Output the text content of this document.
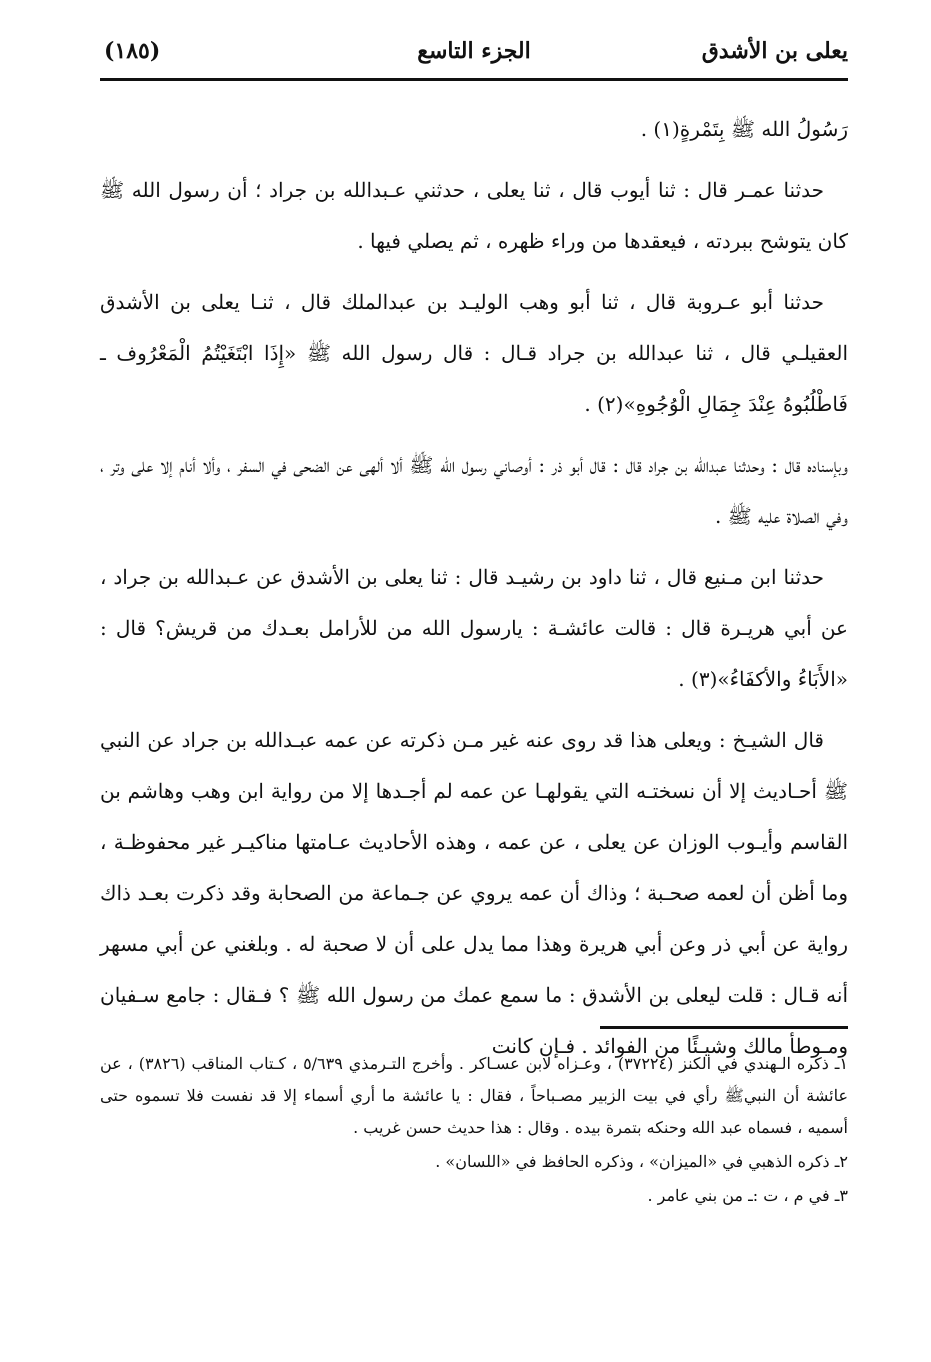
يعلى بن الأشدق
الجزء التاسع
(١٨٥)

رَسُولُ الله ﷺ بِتَمْرةٍ(١) .

حدثنا عمـر قال : ثنا أيوب قال ، ثنا يعلى ، حدثني عـبدالله بن جراد ؛ أن رسول الله ﷺ كان يتوشح ببردته ، فيعقدها من وراء ظهره ، ثم يصلي فيها .

حدثنا أبو عـروبة قال ، ثنا أبو وهب الوليـد بن عبدالملك قال ، ثنـا يعلى بن الأشدق العقيلـي قال ، ثنا عبدالله بن جراد قـال : قال رسول الله ﷺ «إِذَا ابْتَغَيْتُمُ الْمَعْرُوف ـ فَاطْلُبُوهُ عِنْدَ جِمَالِ الْوُجُوهِ»(٢) .

وبإسناده قال : وحدثنا عبدالله بن جراد قال : قال أبو ذر : أوصاني رسول الله ﷺ ألا ألهى عن الضحى في السفر ، وألا أنام إلا على وتر ، وفي الصلاة عليه ﷺ .

حدثنا ابن مـنيع قال ، ثنا داود بن رشيـد قال : ثنا يعلى بن الأشدق عن عـبدالله بن جراد ، عن أبي هريـرة قال : قالت عائشـة : يارسول الله من للأرامل بعـدك من قريش؟ قال : «الأَبَاءُ والأكفَاءُ»(٣) .

قال الشيـخ : ويعلى هذا قد روى عنه غير مـن ذكرته عن عمه عبـدالله بن جراد عن النبي ﷺ أحـاديث إلا أن نسختـه التي يقولهـا عن عمه لم أجـدها إلا من رواية ابن وهب وهاشم بن القاسم وأيـوب الوزان عن يعلى ، عن عمه ، وهذه الأحاديث عـامتها مناكيـر غير محفوظـة ، وما أظن أن لعمه صحـبة ؛ وذاك أن عمه يروي عن جـماعة من الصحابة وقد ذكرت بعـد ذاك رواية عن أبي ذر وعن أبي هريرة وهذا مما يدل على أن لا صحبة له . وبلغني عن أبي مسهر أنه قـال : قلت ليعلى بن الأشدق : ما سمع عمك من رسول الله ﷺ ؟ فـقال : جامع سـفيان ومـوطأ مالك وشيـئًا من الفوائد . فـإن كانت

١ـ ذكره الـهندي في الكنز (٣٧٢٢٤) ، وعـزاه لابن عسـاكر . وأخرج التـرمذي ٥/٦٣٩ ، كـتاب المناقب (٣٨٢٦) ، عن عائشة أن النبيﷺ رأي في بيت الزبير مصـباحاً ، فقال : يا عائشة ما أري أسماء إلا قد نفست فلا تسموه حتى أسميه ، فسماه عبد الله وحنكه بتمرة بيده . وقال : هذا حديث حسن غريب .

٢ـ ذكره الذهبي في «الميزان» ، وذكره الحافظ في «اللسان» .

٣ـ في م ، ت :ـ من بني عامر .
